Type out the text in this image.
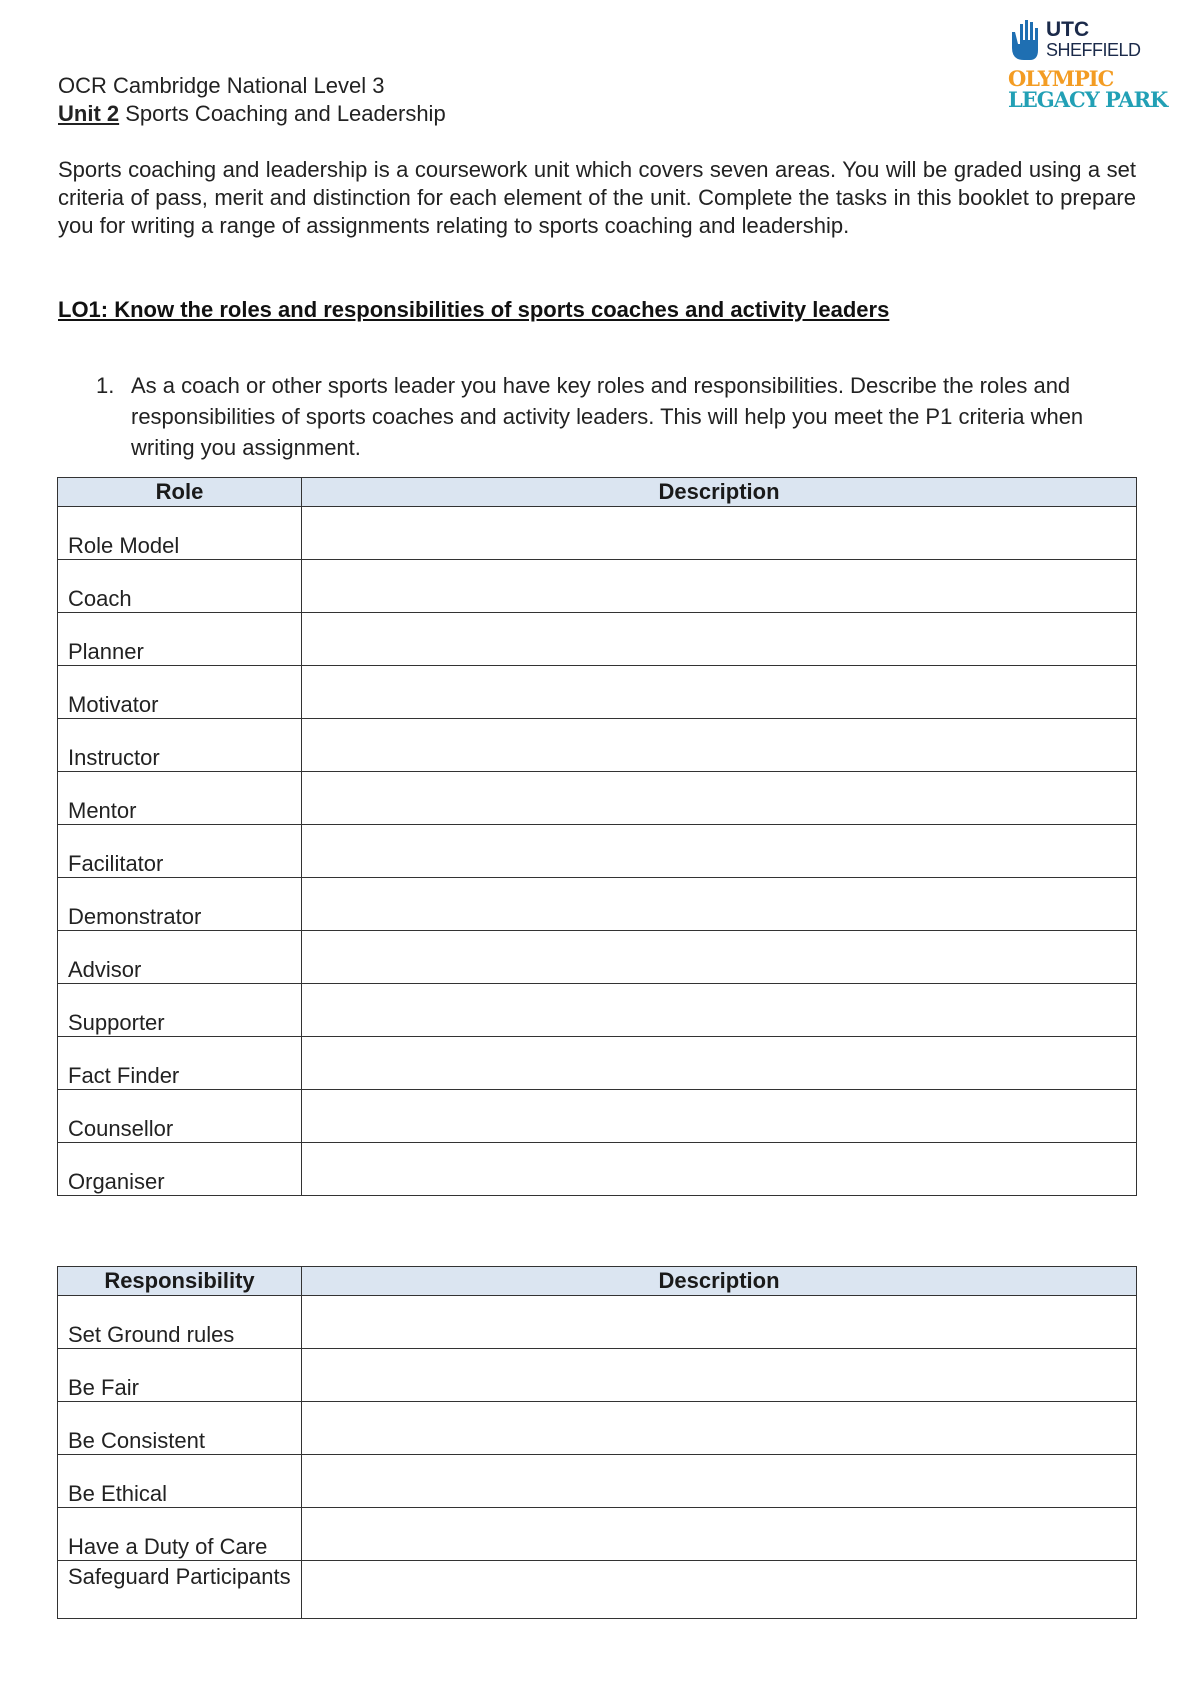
UTC
SHEFFIELD
OLYMPIC
LEGACY PARK
OCR Cambridge National Level 3
Unit 2 Sports Coaching and Leadership
Sports coaching and leadership is a coursework unit which covers seven areas. You will be graded using a set criteria of pass, merit and distinction for each element of the unit. Complete the tasks in this booklet to prepare you for writing a range of assignments relating to sports coaching and leadership.
LO1: Know the roles and responsibilities of sports coaches and activity leaders
1. As a coach or other sports leader you have key roles and responsibilities. Describe the roles and responsibilities of sports coaches and activity leaders. This will help you meet the P1 criteria when writing you assignment.
Role	Description
Role Model	
Coach	
Planner	
Motivator	
Instructor	
Mentor	
Facilitator	
Demonstrator	
Advisor	
Supporter	
Fact Finder	
Counsellor	
Organiser	
Responsibility	Description
Set Ground rules	
Be Fair	
Be Consistent	
Be Ethical	
Have a Duty of Care	
Safeguard Participants	
